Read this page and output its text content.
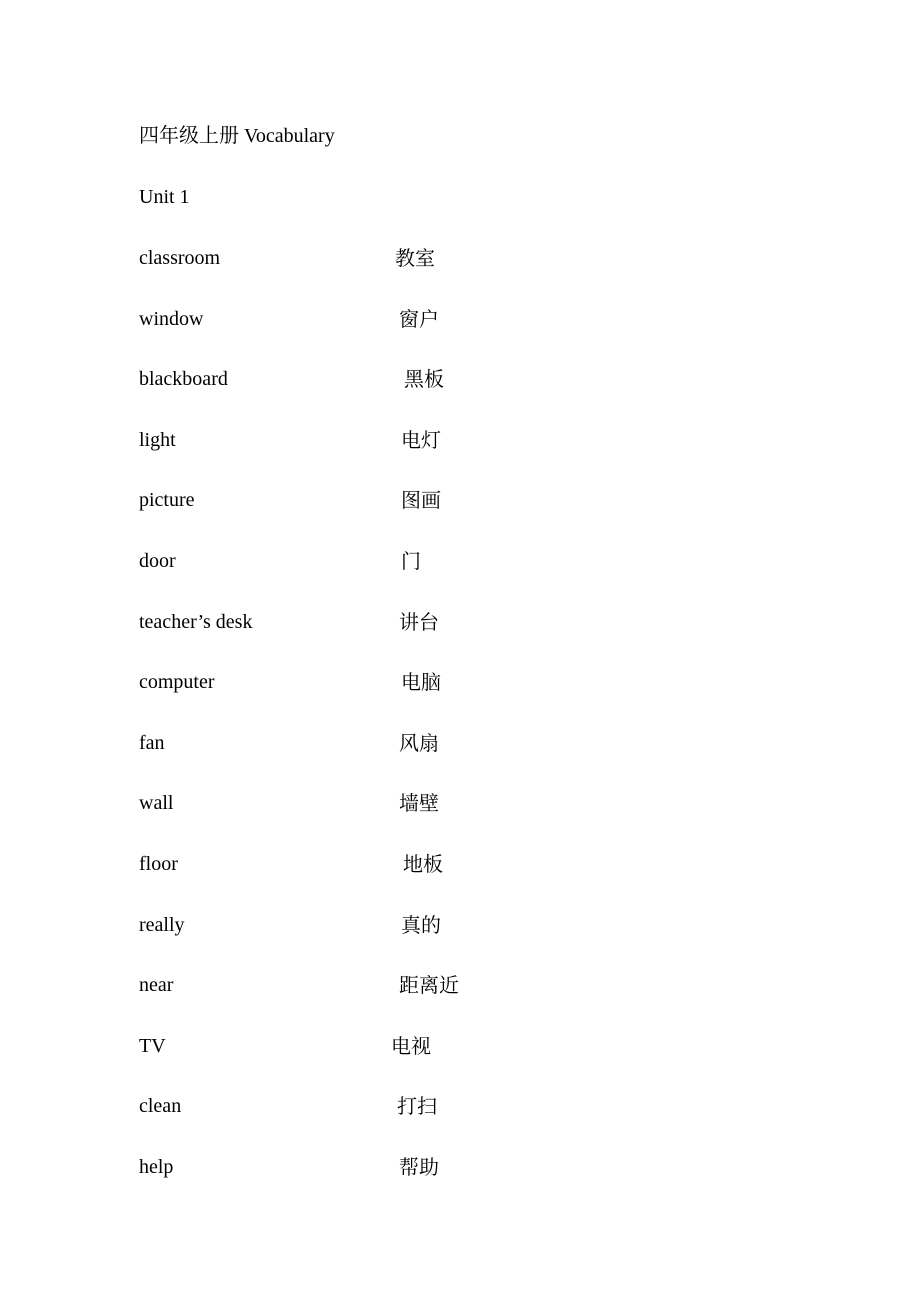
四年级上册 Vocabulary
Unit 1
classroom	教室
window	窗户
blackboard	黑板
light	电灯
picture	图画
door	门
teacher’s desk	讲台
computer	电脑
fan	风扇
wall	墙壁
floor	地板
really	真的
near	距离近
TV	电视
clean	打扫
help	帮助
